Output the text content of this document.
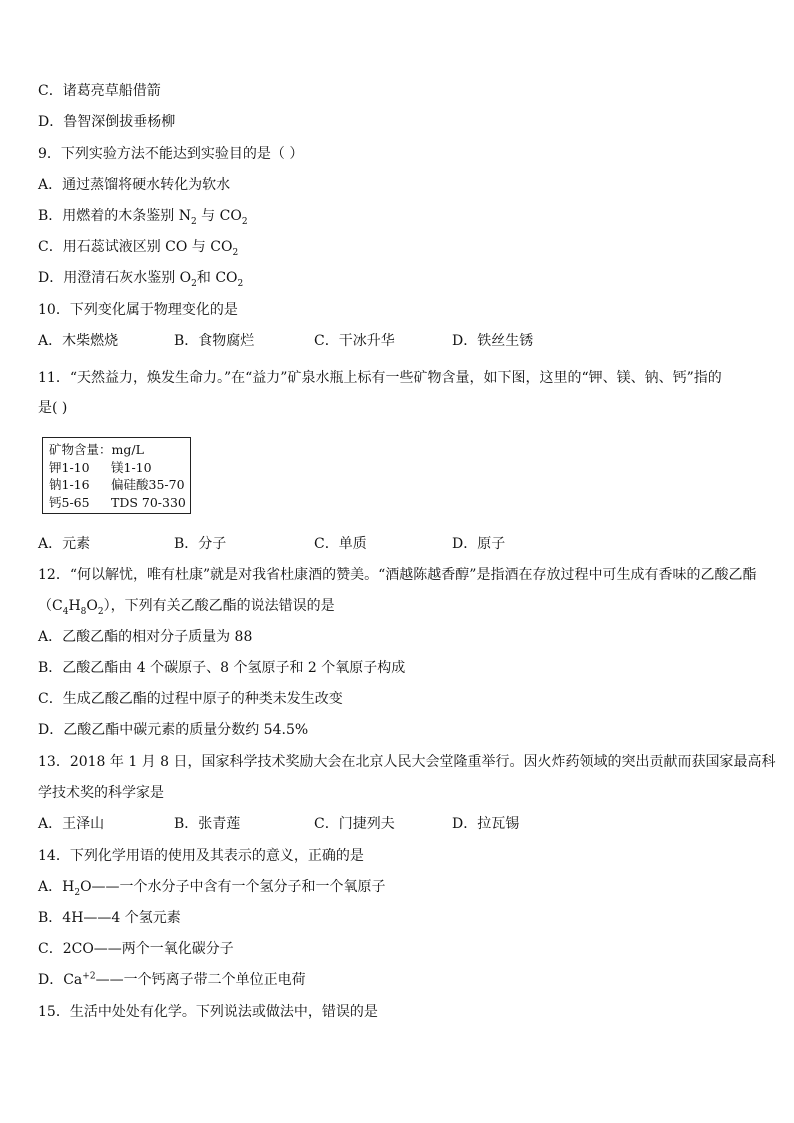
C．诸葛亮草船借箭
D．鲁智深倒拔垂杨柳
9．下列实验方法不能达到实验目的是（ ）
A．通过蒸馏将硬水转化为软水
B．用燃着的木条鉴别 $N_2$ 与 $CO_2$
C．用石蕊试液区别 CO 与 $CO_2$
D．用澄清石灰水鉴别 $O_2$和 $CO_2$
10．下列变化属于物理变化的是
A．木柴燃烧	B．食物腐烂	C．干冰升华	D．铁丝生锈
11．“天然益力，焕发生命力。”在“益力”矿泉水瓶上标有一些矿物含量，如下图，这里的“钾、镁、钠、钙”指的
是( )
矿物含量：mg/L
钾1-10 镁1-10
钠1-16 偏硅酸35-70
钙5-65 TDS 70-330
A．元素	B．分子	C．单质	D．原子
12．“何以解忧，唯有杜康”就是对我省杜康酒的赞美。“酒越陈越香醇”是指酒在存放过程中可生成有香味的乙酸乙酯
$(C_4H_8O_2)$，下列有关乙酸乙酯的说法错误的是
A．乙酸乙酯的相对分子质量为 88
B．乙酸乙酯由 4 个碳原子、8 个氢原子和 2 个氧原子构成
C．生成乙酸乙酯的过程中原子的种类未发生改变
D．乙酸乙酯中碳元素的质量分数约 54.5%
13．2018 年 1 月 8 日，国家科学技术奖励大会在北京人民大会堂隆重举行。因火炸药领域的突出贡献而获国家最高科
学技术奖的科学家是
A．王泽山	B．张青莲	C．门捷列夫	D．拉瓦锡
14．下列化学用语的使用及其表示的意义，正确的是
A．$H_2O——$一个水分子中含有一个氢分子和一个氧原子
B．4H——4 个氢元素
C．2CO——两个一氧化碳分子
D．$Ca^{+2}——$一个钙离子带二个单位正电荷
15．生活中处处有化学。下列说法或做法中，错误的是
